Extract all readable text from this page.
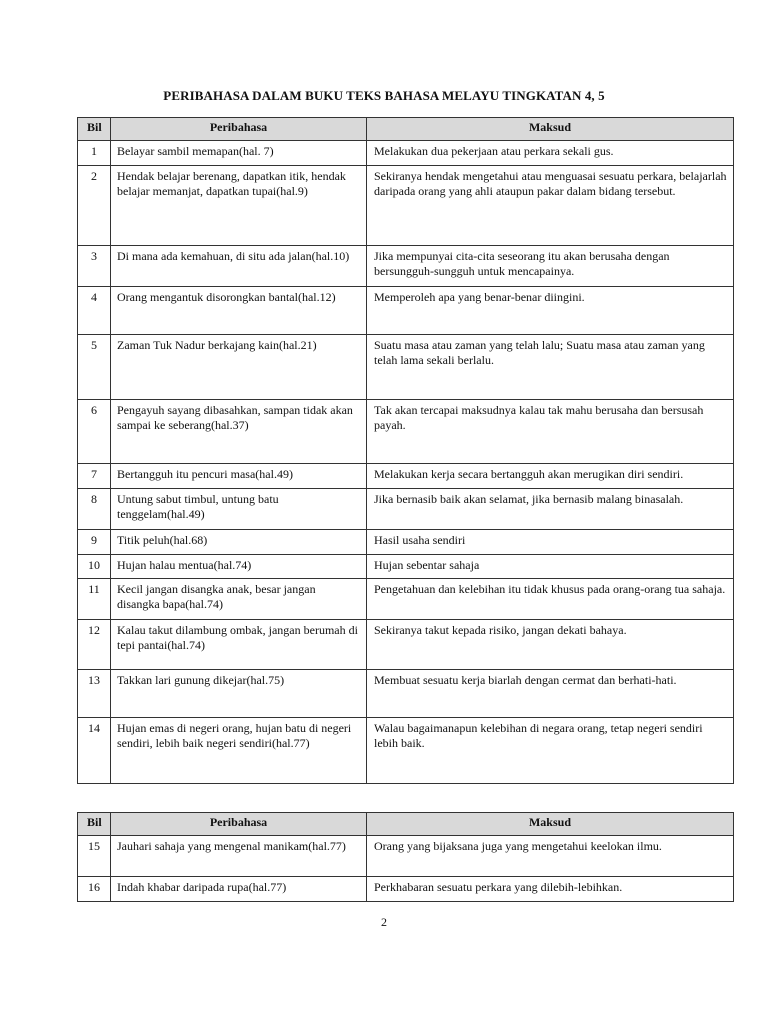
PERIBAHASA DALAM BUKU TEKS BAHASA MELAYU TINGKATAN 4, 5
Bil	Peribahasa	Maksud
1	Belayar sambil memapan(hal. 7)	Melakukan dua pekerjaan atau perkara sekali gus.
2	Hendak belajar berenang, dapatkan itik, hendak belajar memanjat, dapatkan tupai(hal.9)	Sekiranya hendak mengetahui atau menguasai sesuatu perkara, belajarlah daripada orang yang ahli ataupun pakar dalam bidang tersebut.
3	Di mana ada kemahuan, di situ ada jalan(hal.10)	Jika mempunyai cita-cita seseorang itu akan berusaha dengan bersungguh-sungguh untuk mencapainya.
4	Orang mengantuk disorongkan bantal(hal.12)	Memperoleh apa yang benar-benar diingini.
5	Zaman Tuk Nadur berkajang kain(hal.21)	Suatu masa atau zaman yang telah lalu; Suatu masa atau zaman yang telah lama sekali berlalu.
6	Pengayuh sayang dibasahkan, sampan tidak akan sampai ke seberang(hal.37)	Tak akan tercapai maksudnya kalau tak mahu berusaha dan bersusah payah.
7	Bertangguh itu pencuri masa(hal.49)	Melakukan kerja secara bertangguh akan merugikan diri sendiri.
8	Untung sabut timbul, untung batu tenggelam(hal.49)	Jika bernasib baik akan selamat, jika bernasib malang binasalah.
9	Titik peluh(hal.68)	Hasil usaha sendiri
10	Hujan halau mentua(hal.74)	Hujan sebentar sahaja
11	Kecil jangan disangka anak, besar jangan disangka bapa(hal.74)	Pengetahuan dan kelebihan itu tidak khusus pada orang-orang tua sahaja.
12	Kalau takut dilambung ombak, jangan berumah di tepi pantai(hal.74)	Sekiranya takut kepada risiko, jangan dekati bahaya.
13	Takkan lari gunung dikejar(hal.75)	Membuat sesuatu kerja biarlah dengan cermat dan berhati-hati.
14	Hujan emas di negeri orang, hujan batu di negeri sendiri, lebih baik negeri sendiri(hal.77)	Walau bagaimanapun kelebihan di negara orang, tetap negeri sendiri lebih baik.
Bil	Peribahasa	Maksud
15	Jauhari sahaja yang mengenal manikam(hal.77)	Orang yang bijaksana juga yang mengetahui keelokan ilmu.
16	Indah khabar daripada rupa(hal.77)	Perkhabaran sesuatu perkara yang dilebih-lebihkan.
2
